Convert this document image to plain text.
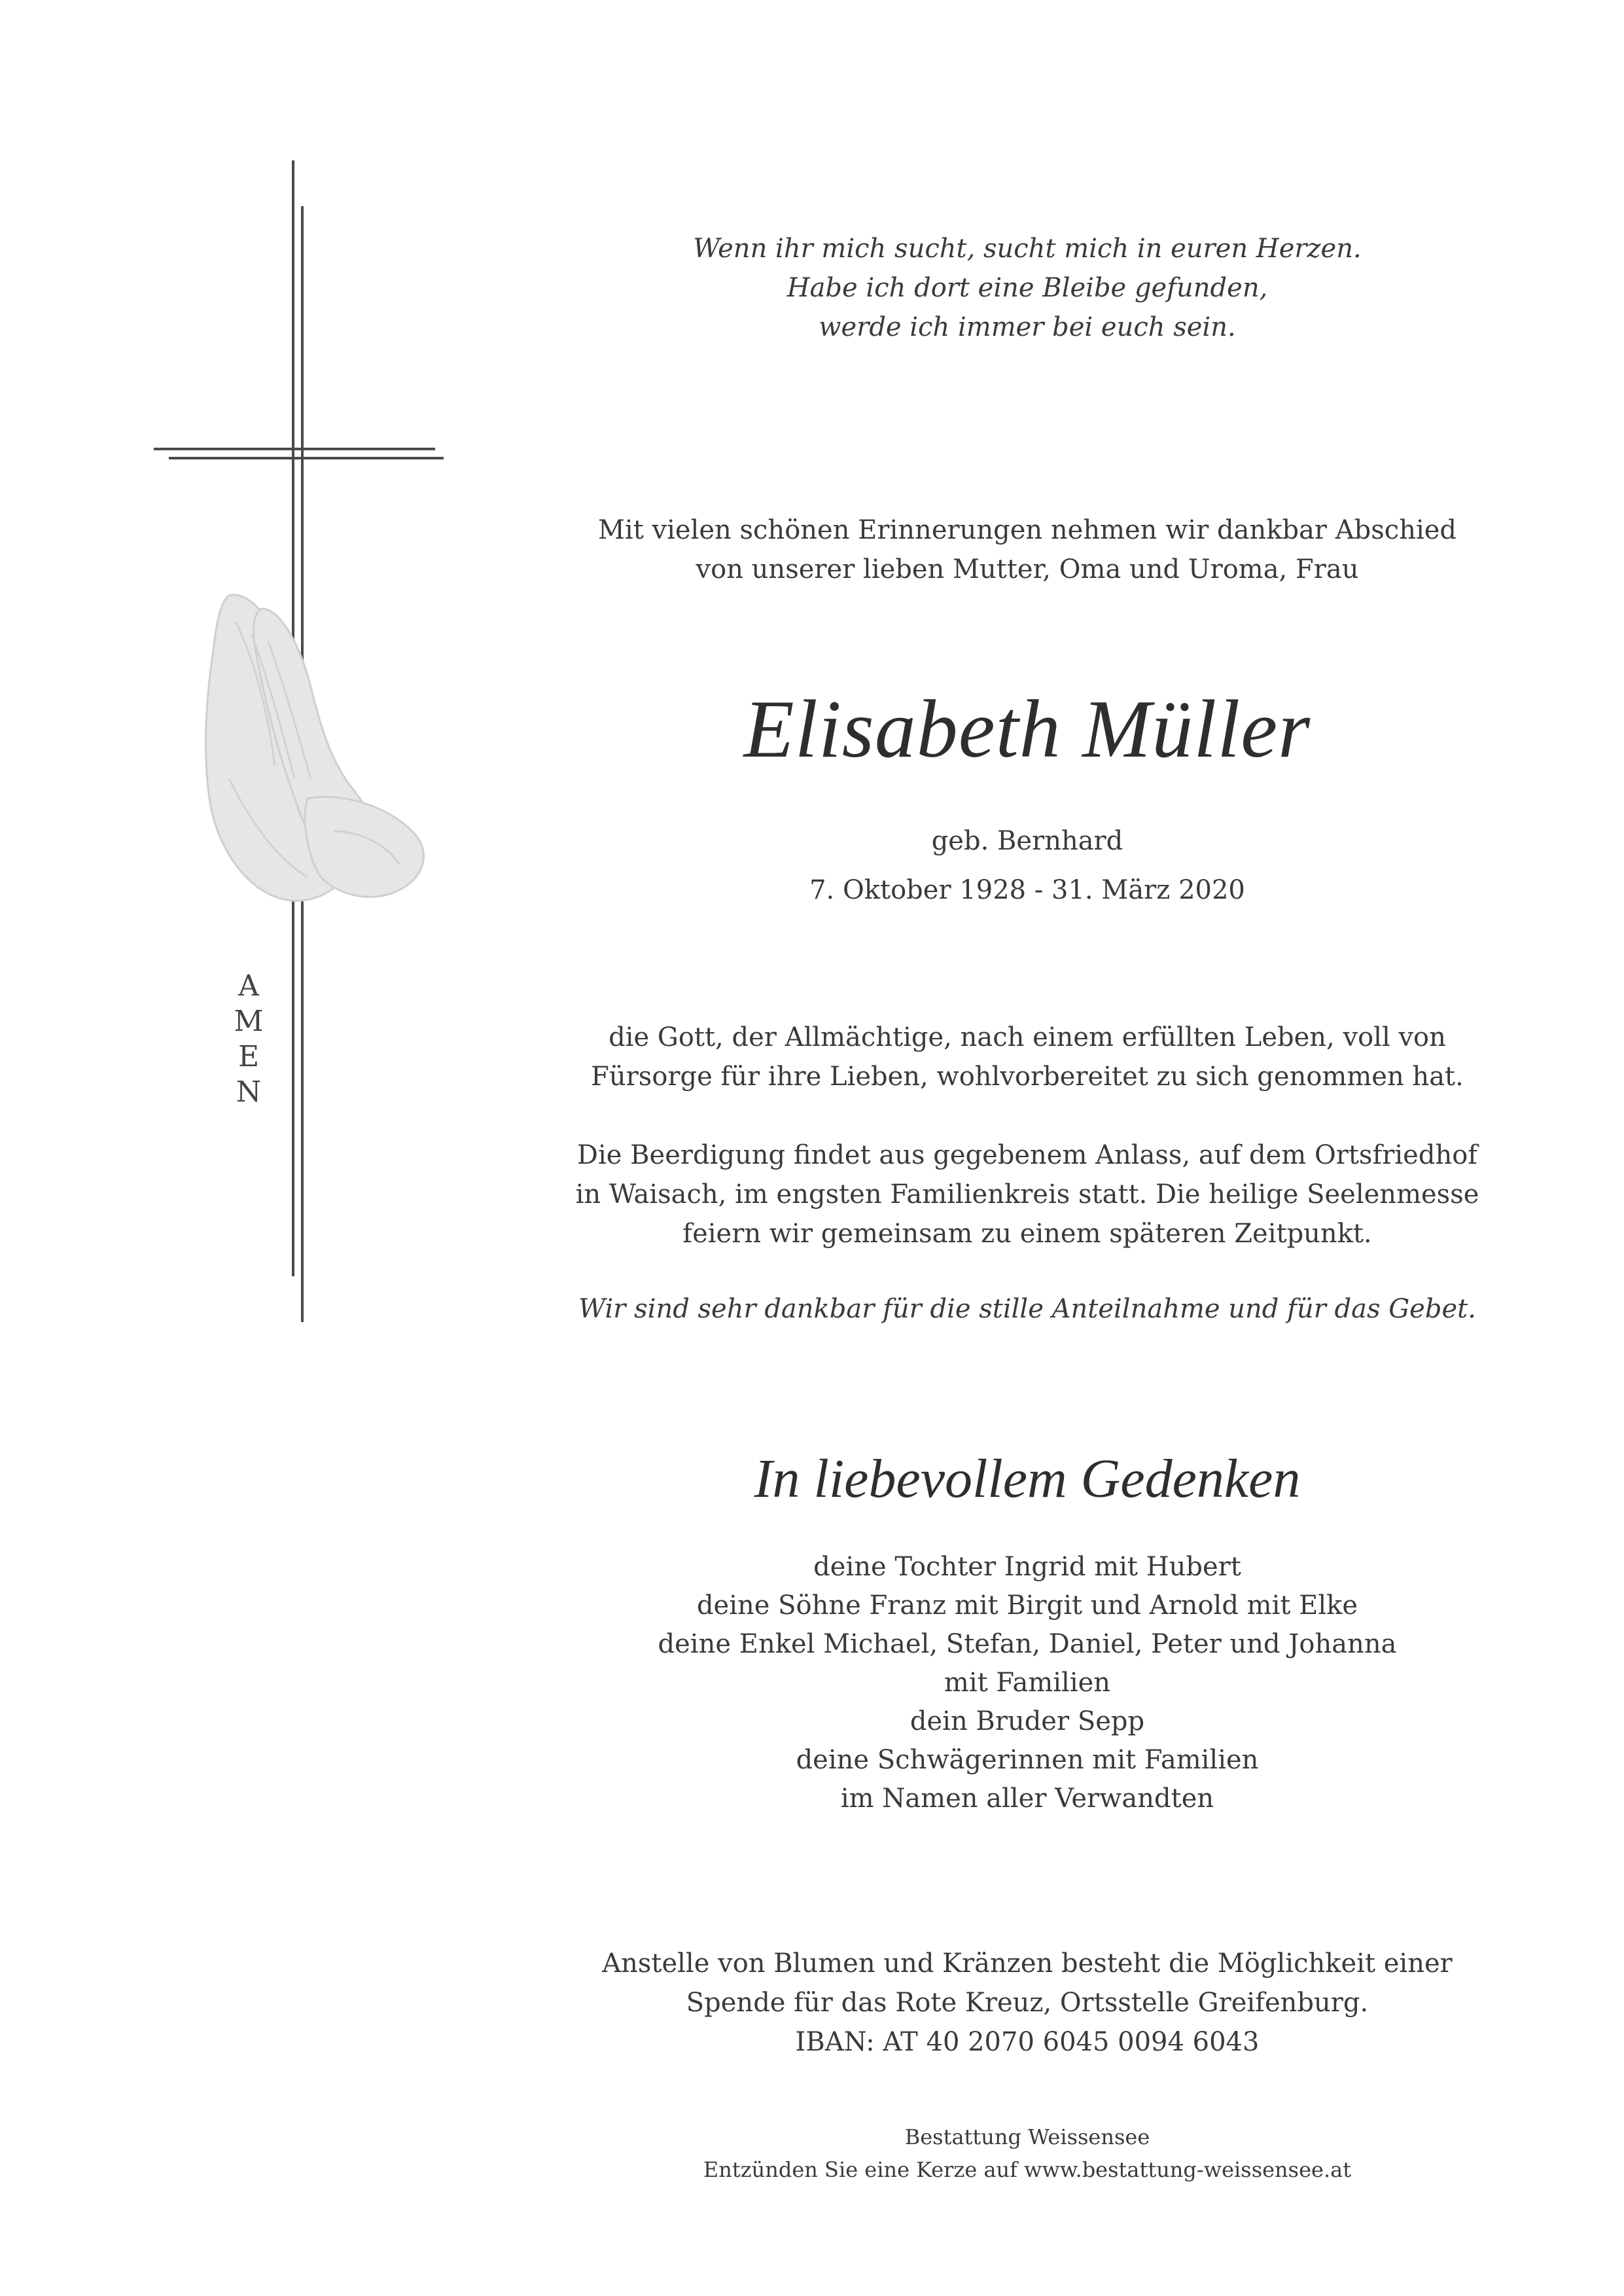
A
M
E
N
Wenn ihr mich sucht, sucht mich in euren Herzen.
Habe ich dort eine Bleibe gefunden,
werde ich immer bei euch sein.
Mit vielen schönen Erinnerungen nehmen wir dankbar Abschied
von unserer lieben Mutter, Oma und Uroma, Frau
Elisabeth Müller
geb. Bernhard
7. Oktober 1928 - 31. März 2020
die Gott, der Allmächtige, nach einem erfüllten Leben, voll von
Fürsorge für ihre Lieben, wohlvorbereitet zu sich genommen hat.
Die Beerdigung findet aus gegebenem Anlass, auf dem Ortsfriedhof
in Waisach, im engsten Familienkreis statt. Die heilige Seelenmesse
feiern wir gemeinsam zu einem späteren Zeitpunkt.
Wir sind sehr dankbar für die stille Anteilnahme und für das Gebet.
In liebevollem Gedenken
deine Tochter Ingrid mit Hubert
deine Söhne Franz mit Birgit und Arnold mit Elke
deine Enkel Michael, Stefan, Daniel, Peter und Johanna
mit Familien
dein Bruder Sepp
deine Schwägerinnen mit Familien
im Namen aller Verwandten
Anstelle von Blumen und Kränzen besteht die Möglichkeit einer
Spende für das Rote Kreuz, Ortsstelle Greifenburg.
IBAN: AT 40 2070 6045 0094 6043
Bestattung Weissensee
Entzünden Sie eine Kerze auf www.bestattung-weissensee.at
